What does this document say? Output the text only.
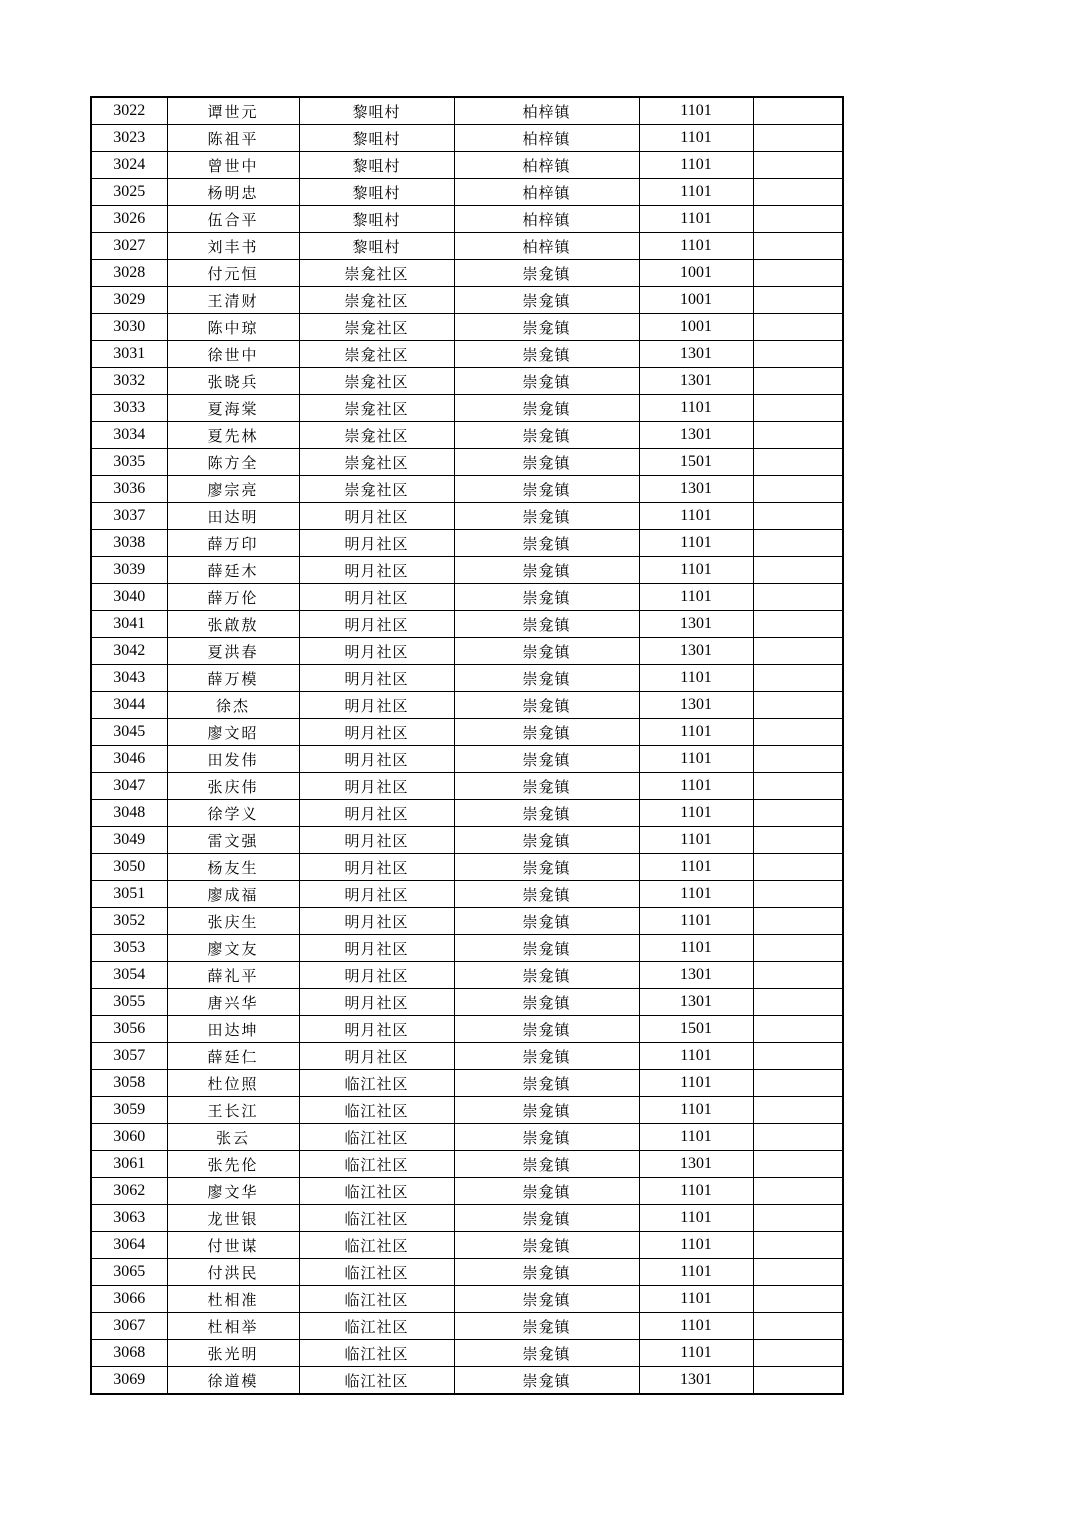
3022	谭世元	黎咀村	柏梓镇	1101	
3023	陈祖平	黎咀村	柏梓镇	1101	
3024	曾世中	黎咀村	柏梓镇	1101	
3025	杨明忠	黎咀村	柏梓镇	1101	
3026	伍合平	黎咀村	柏梓镇	1101	
3027	刘丰书	黎咀村	柏梓镇	1101	
3028	付元恒	崇龛社区	崇龛镇	1001	
3029	王清财	崇龛社区	崇龛镇	1001	
3030	陈中琼	崇龛社区	崇龛镇	1001	
3031	徐世中	崇龛社区	崇龛镇	1301	
3032	张晓兵	崇龛社区	崇龛镇	1301	
3033	夏海棠	崇龛社区	崇龛镇	1101	
3034	夏先林	崇龛社区	崇龛镇	1301	
3035	陈方全	崇龛社区	崇龛镇	1501	
3036	廖宗亮	崇龛社区	崇龛镇	1301	
3037	田达明	明月社区	崇龛镇	1101	
3038	薛万印	明月社区	崇龛镇	1101	
3039	薛廷木	明月社区	崇龛镇	1101	
3040	薛万伦	明月社区	崇龛镇	1101	
3041	张啟敖	明月社区	崇龛镇	1301	
3042	夏洪春	明月社区	崇龛镇	1301	
3043	薛万模	明月社区	崇龛镇	1101	
3044	徐杰	明月社区	崇龛镇	1301	
3045	廖文昭	明月社区	崇龛镇	1101	
3046	田发伟	明月社区	崇龛镇	1101	
3047	张庆伟	明月社区	崇龛镇	1101	
3048	徐学义	明月社区	崇龛镇	1101	
3049	雷文强	明月社区	崇龛镇	1101	
3050	杨友生	明月社区	崇龛镇	1101	
3051	廖成福	明月社区	崇龛镇	1101	
3052	张庆生	明月社区	崇龛镇	1101	
3053	廖文友	明月社区	崇龛镇	1101	
3054	薛礼平	明月社区	崇龛镇	1301	
3055	唐兴华	明月社区	崇龛镇	1301	
3056	田达坤	明月社区	崇龛镇	1501	
3057	薛廷仁	明月社区	崇龛镇	1101	
3058	杜位照	临江社区	崇龛镇	1101	
3059	王长江	临江社区	崇龛镇	1101	
3060	张云	临江社区	崇龛镇	1101	
3061	张先伦	临江社区	崇龛镇	1301	
3062	廖文华	临江社区	崇龛镇	1101	
3063	龙世银	临江社区	崇龛镇	1101	
3064	付世谋	临江社区	崇龛镇	1101	
3065	付洪民	临江社区	崇龛镇	1101	
3066	杜相准	临江社区	崇龛镇	1101	
3067	杜相举	临江社区	崇龛镇	1101	
3068	张光明	临江社区	崇龛镇	1101	
3069	徐道模	临江社区	崇龛镇	1301	
